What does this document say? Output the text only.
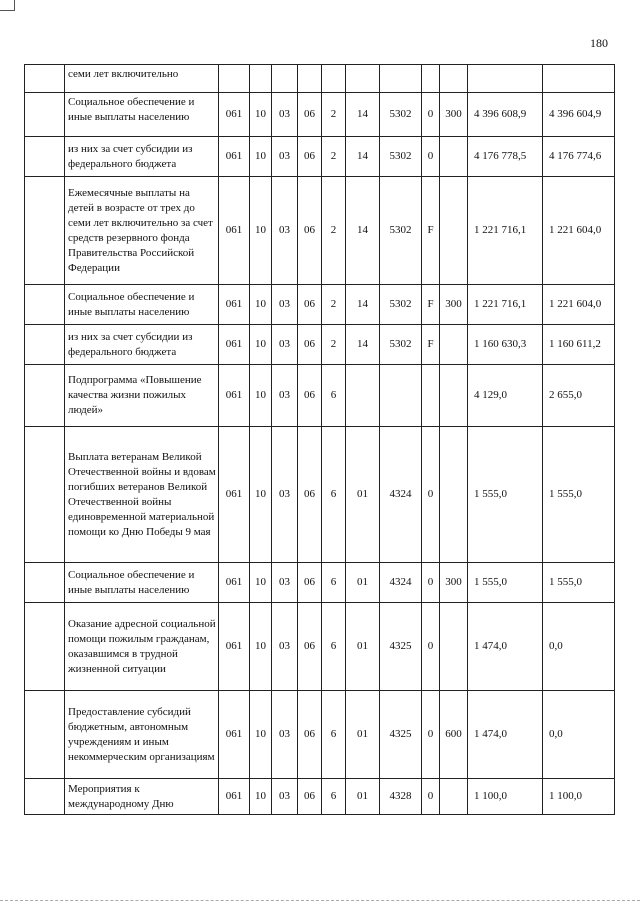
180
	семи лет включительно											
	Социальное обеспечение и иные выплаты населению	061	10	03	06	2	14	5302	0	300	4 396 608,9	4 396 604,9
	из них за счет субсидии из федерального бюджета	061	10	03	06	2	14	5302	0		4 176 778,5	4 176 774,6
	Ежемесячные выплаты на детей в возрасте от трех до семи лет включительно за счет средств резервного фонда Правительства Российской Федерации	061	10	03	06	2	14	5302	F		1 221 716,1	1 221 604,0
	Социальное обеспечение и иные выплаты населению	061	10	03	06	2	14	5302	F	300	1 221 716,1	1 221 604,0
	из них за счет субсидии из федерального бюджета	061	10	03	06	2	14	5302	F		1 160 630,3	1 160 611,2
	Подпрограмма «Повышение качества жизни пожилых людей»	061	10	03	06	6					4 129,0	2 655,0
	Выплата ветеранам Великой Отечественной войны и вдовам погибших ветеранов Великой Отечественной войны единовременной материальной помощи ко Дню Победы 9 мая	061	10	03	06	6	01	4324	0		1 555,0	1 555,0
	Социальное обеспечение и иные выплаты населению	061	10	03	06	6	01	4324	0	300	1 555,0	1 555,0
	Оказание адресной социальной помощи пожилым гражданам, оказавшимся в трудной жизненной ситуации	061	10	03	06	6	01	4325	0		1 474,0	0,0
	Предоставление субсидий бюджетным, автономным учреждениям и иным некоммерческим организациям	061	10	03	06	6	01	4325	0	600	1 474,0	0,0
	Мероприятия к международному Дню	061	10	03	06	6	01	4328	0		1 100,0	1 100,0
